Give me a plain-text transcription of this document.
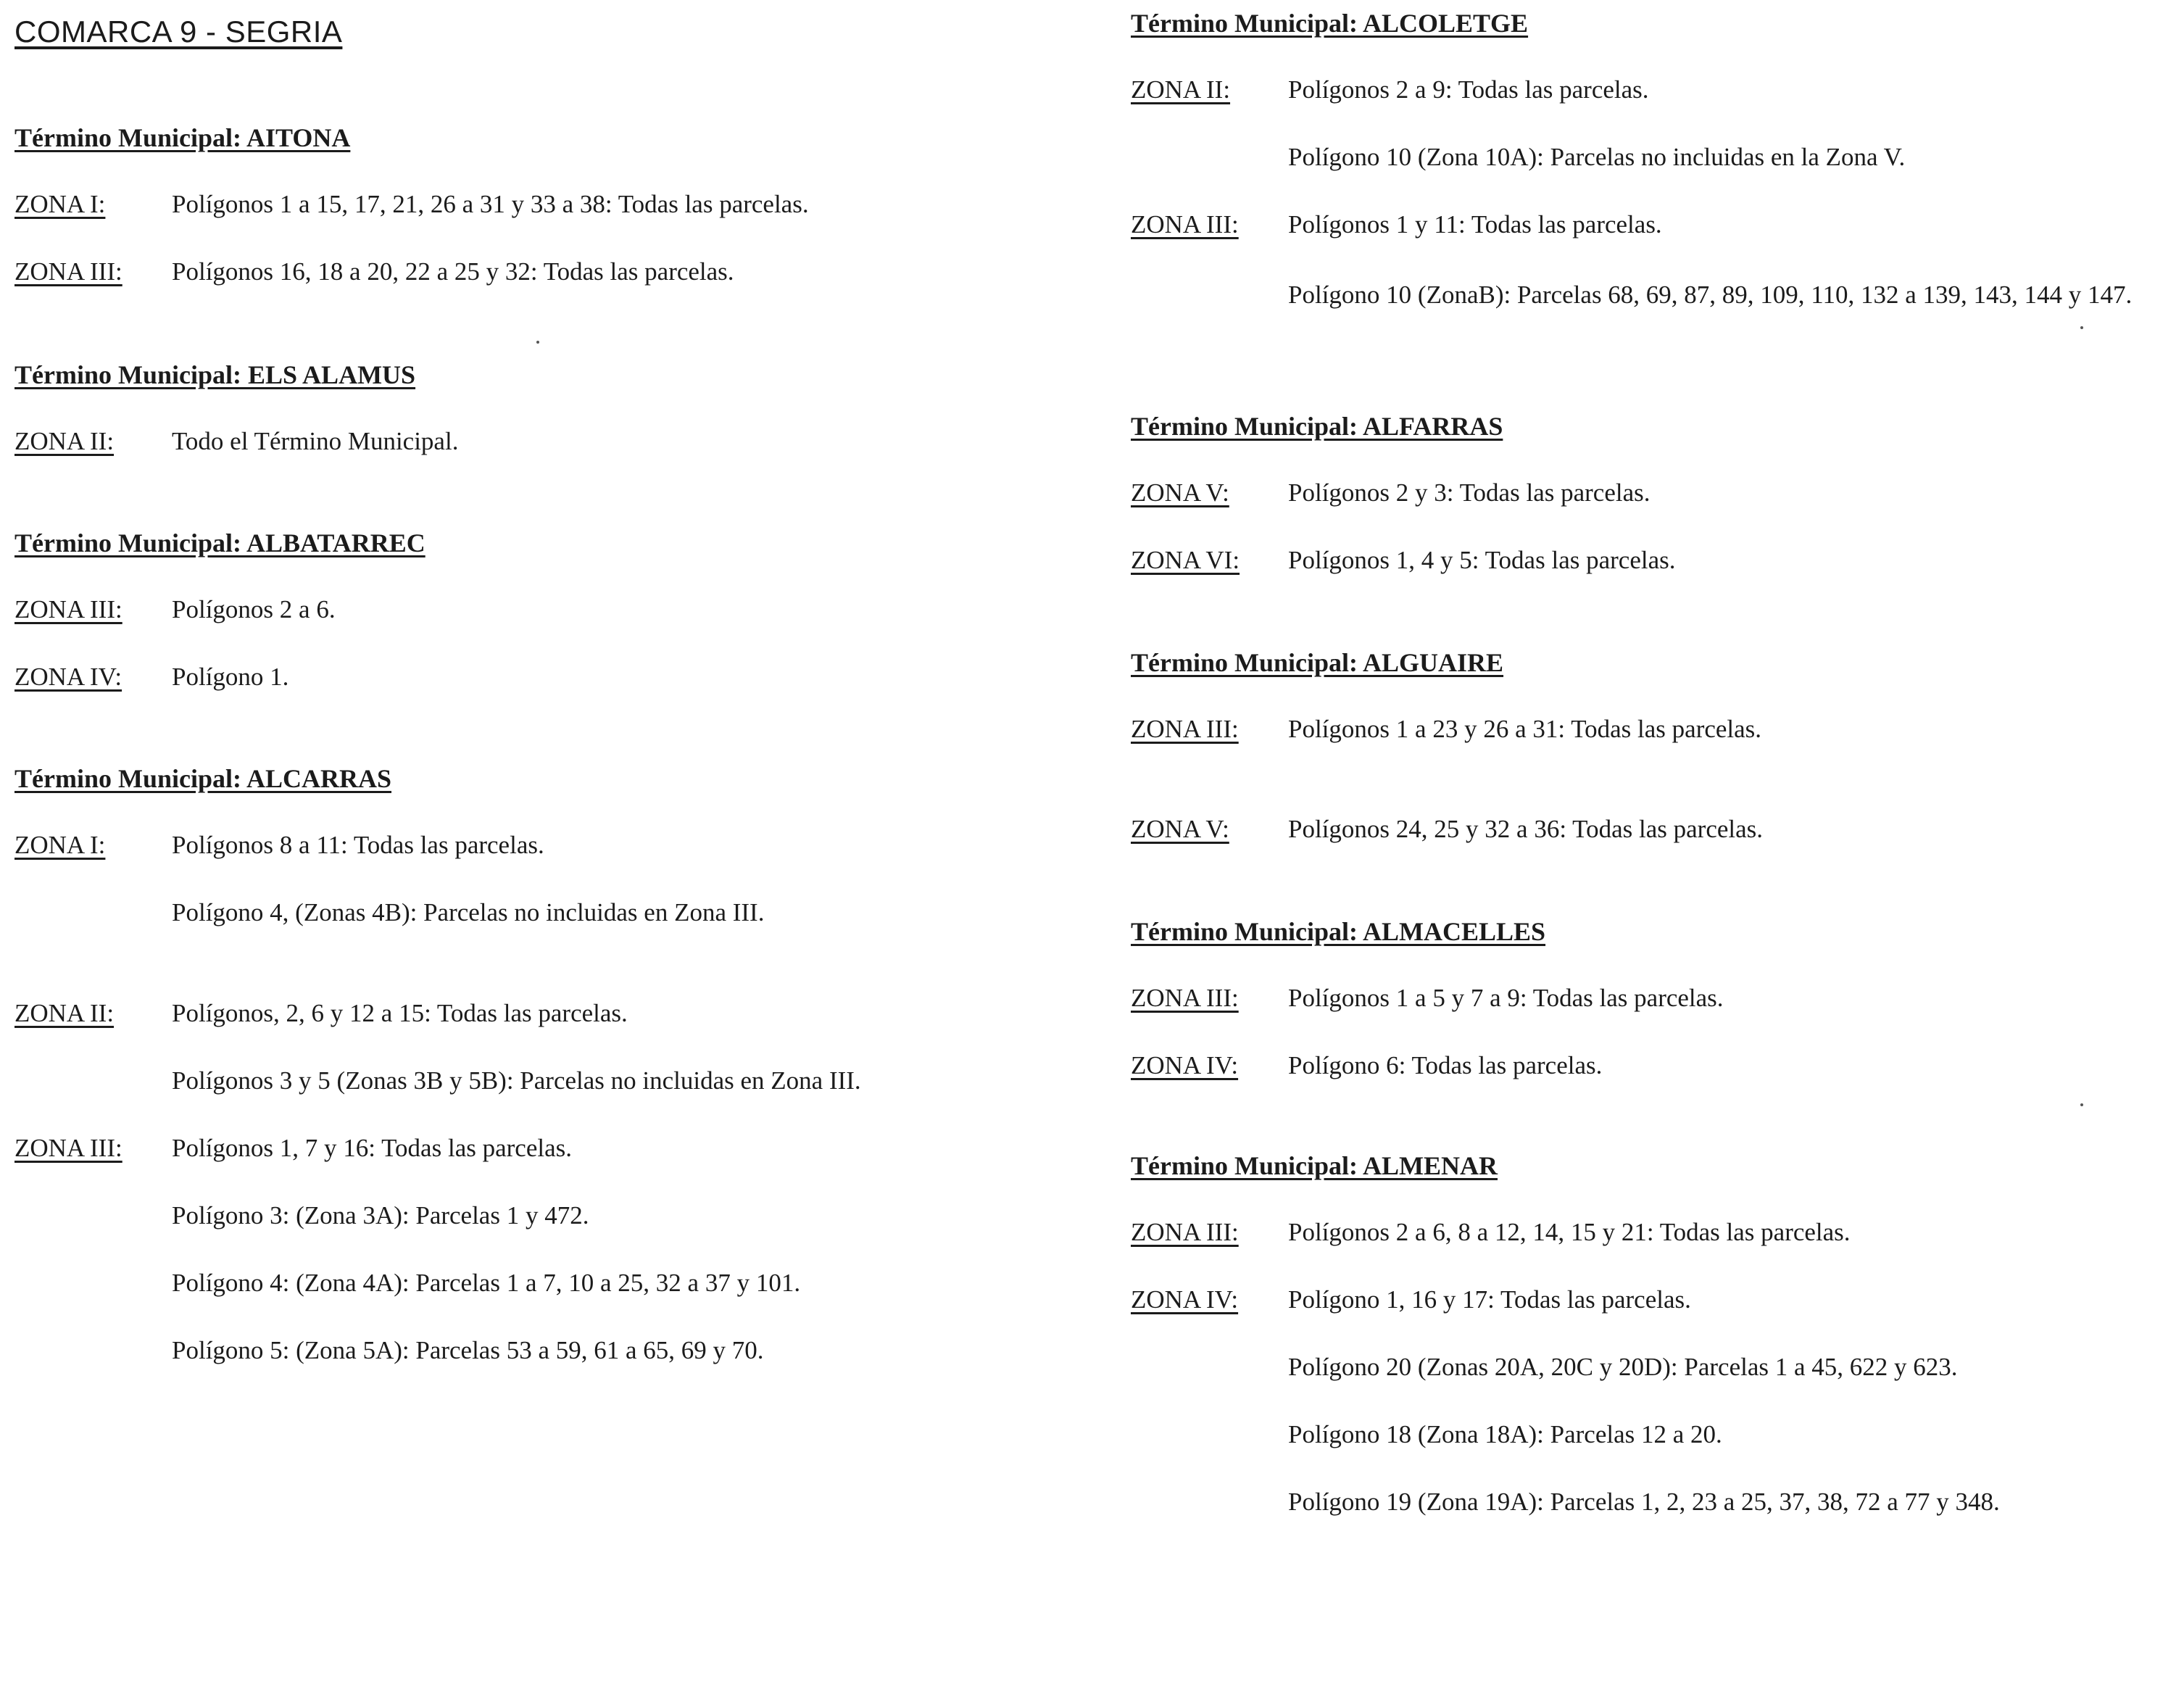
COMARCA 9 - SEGRIA
Término Municipal: AITONA
ZONA I:	Polígonos 1 a 15, 17, 21, 26 a 31 y 33 a 38: Todas las parcelas.
ZONA III:	Polígonos 16, 18 a 20, 22 a 25 y 32: Todas las parcelas.
Término Municipal: ELS ALAMUS
ZONA II:	Todo el Término Municipal.
Término Municipal: ALBATARREC
ZONA III:	Polígonos 2 a 6.
ZONA IV:	Polígono 1.
Término Municipal: ALCARRAS
ZONA I:	Polígonos 8 a 11: Todas las parcelas.
Polígono 4, (Zonas 4B): Parcelas no incluidas en Zona III.
ZONA II:	Polígonos, 2, 6 y 12 a 15: Todas las parcelas.
Polígonos 3 y 5 (Zonas 3B y 5B): Parcelas no incluidas en Zona III.
ZONA III:	Polígonos 1, 7 y 16: Todas las parcelas.
Polígono 3: (Zona 3A): Parcelas 1 y 472.
Polígono 4: (Zona 4A): Parcelas 1 a 7, 10 a 25, 32 a 37 y 101.
Polígono 5: (Zona 5A): Parcelas 53 a 59, 61 a 65, 69 y 70.
Término Municipal: ALCOLETGE
ZONA II:	Polígonos 2 a 9: Todas las parcelas.
Polígono 10 (Zona 10A): Parcelas no incluidas en la Zona V.
ZONA III:	Polígonos 1 y 11: Todas las parcelas.
Polígono 10 (ZonaB): Parcelas 68, 69, 87, 89, 109, 110, 132 a 139, 143, 144 y 147.
Término Municipal: ALFARRAS
ZONA V:	Polígonos 2 y 3: Todas las parcelas.
ZONA VI:	Polígonos 1, 4 y 5: Todas las parcelas.
Término Municipal: ALGUAIRE
ZONA III:	Polígonos 1 a 23 y 26 a 31: Todas las parcelas.
ZONA V:	Polígonos 24, 25 y 32 a 36: Todas las parcelas.
Término Municipal: ALMACELLES
ZONA III:	Polígonos 1 a 5 y 7 a 9: Todas las parcelas.
ZONA IV:	Polígono 6: Todas las parcelas.
Término Municipal: ALMENAR
ZONA III:	Polígonos 2 a 6, 8 a 12, 14, 15 y 21: Todas las parcelas.
ZONA IV:	Polígono 1, 16 y 17: Todas las parcelas.
Polígono 20 (Zonas 20A, 20C y 20D): Parcelas 1 a 45, 622 y 623.
Polígono 18 (Zona 18A): Parcelas 12 a 20.
Polígono 19 (Zona 19A): Parcelas 1, 2, 23 a 25, 37, 38, 72 a 77 y 348.
